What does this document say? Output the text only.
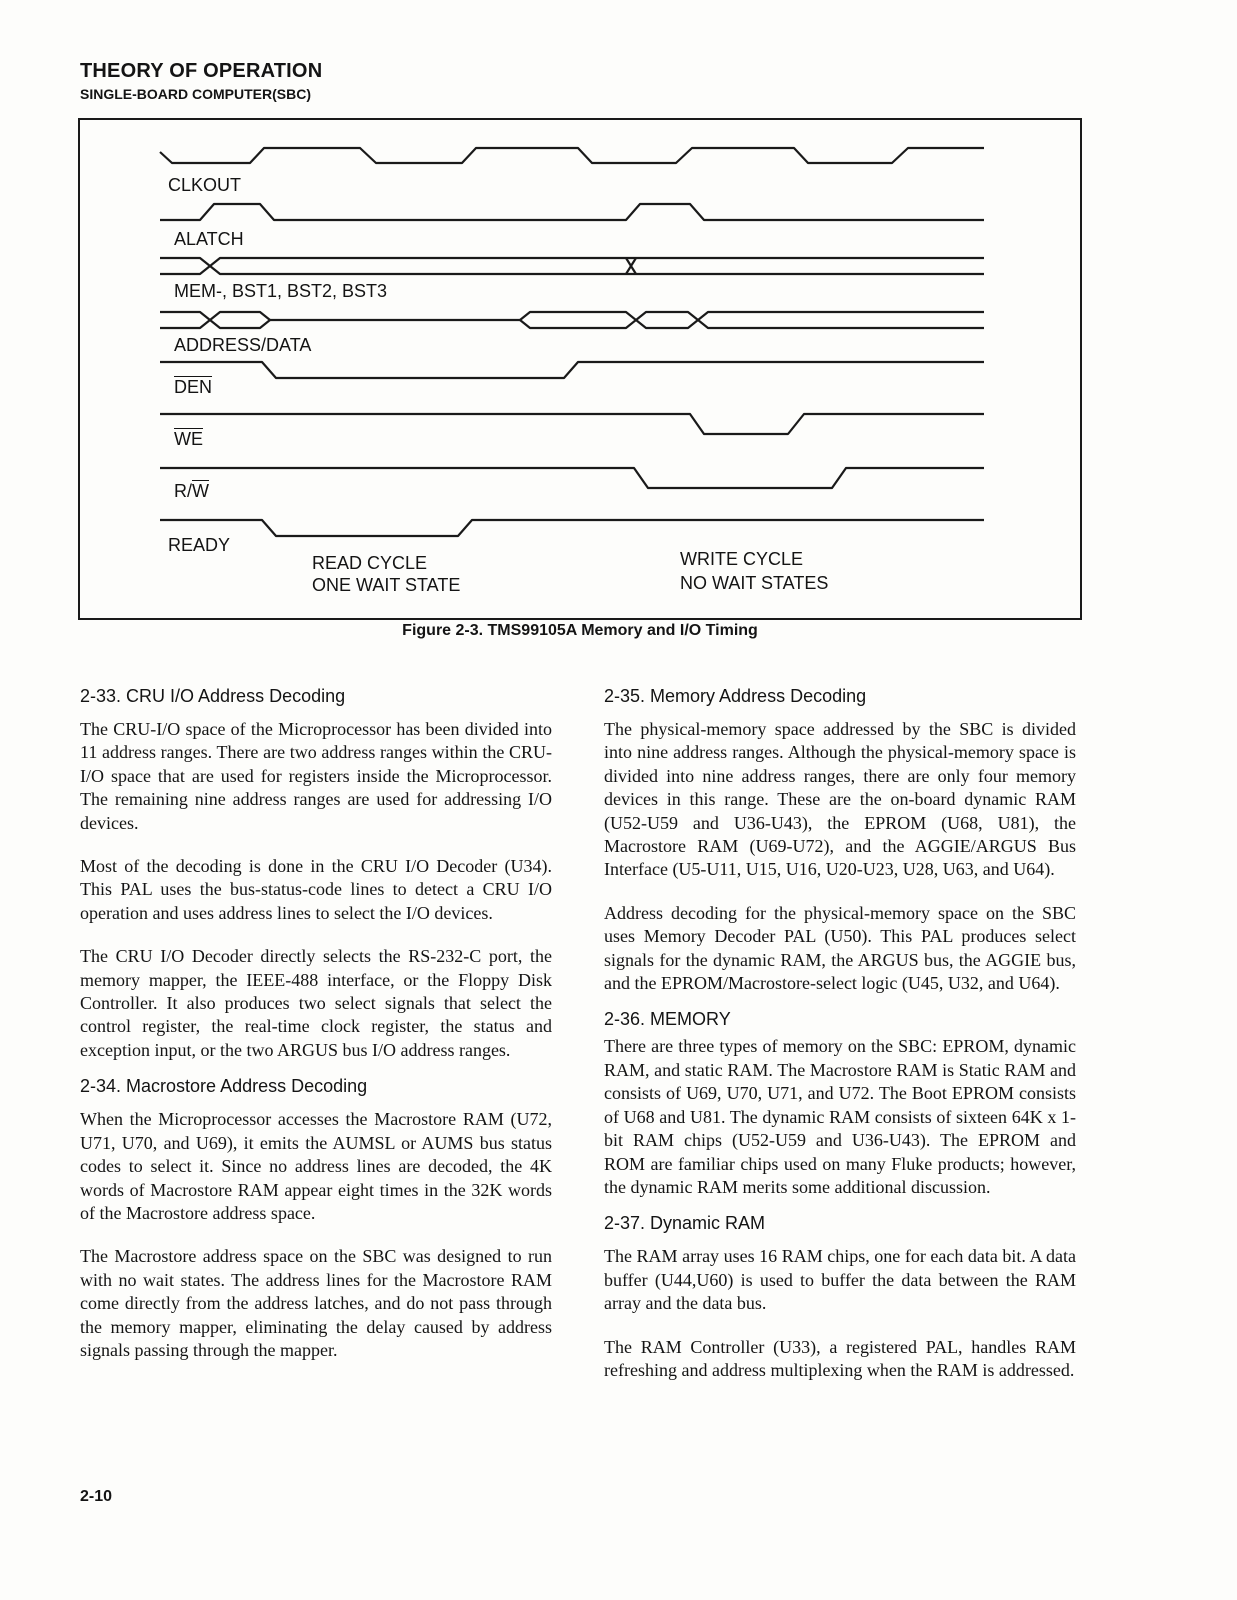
THEORY OF OPERATION
SINGLE-BOARD COMPUTER(SBC)
CLKOUT
ALATCH
MEM-, BST1, BST2, BST3
ADDRESS/DATA
$\overline{DEN}$
$\overline{WE}$
$R/\overline{W}$
READY
READ CYCLE
ONE WAIT STATE
WRITE CYCLE
NO WAIT STATES
Figure 2-3. TMS99105A Memory and I/O Timing
2-33. CRU I/O Address Decoding

The CRU-I/O space of the Microprocessor has been divided into 11 address ranges. There are two address ranges within the CRU-I/O space that are used for registers inside the Microprocessor. The remaining nine address ranges are used for addressing I/O devices.

Most of the decoding is done in the CRU I/O Decoder (U34). This PAL uses the bus-status-code lines to detect a CRU I/O operation and uses address lines to select the I/O devices.

The CRU I/O Decoder directly selects the RS-232-C port, the memory mapper, the IEEE-488 interface, or the Floppy Disk Controller. It also produces two select signals that select the control register, the real-time clock register, the status and exception input, or the two ARGUS bus I/O address ranges.

2-34. Macrostore Address Decoding

When the Microprocessor accesses the Macrostore RAM (U72, U71, U70, and U69), it emits the AUMSL or AUMS bus status codes to select it. Since no address lines are decoded, the 4K words of Macrostore RAM appear eight times in the 32K words of the Macrostore address space.

The Macrostore address space on the SBC was designed to run with no wait states. The address lines for the Macrostore RAM come directly from the address latches, and do not pass through the memory mapper, eliminating the delay caused by address signals passing through the mapper.

2-35. Memory Address Decoding

The physical-memory space addressed by the SBC is divided into nine address ranges. Although the physical-memory space is divided into nine address ranges, there are only four memory devices in this range. These are the on-board dynamic RAM (U52-U59 and U36-U43), the EPROM (U68, U81), the Macrostore RAM (U69-U72), and the AGGIE/ARGUS Bus Interface (U5-U11, U15, U16, U20-U23, U28, U63, and U64).

Address decoding for the physical-memory space on the SBC uses Memory Decoder PAL (U50). This PAL produces select signals for the dynamic RAM, the ARGUS bus, the AGGIE bus, and the EPROM/Macrostore-select logic (U45, U32, and U64).

2-36. MEMORY

There are three types of memory on the SBC: EPROM, dynamic RAM, and static RAM. The Macrostore RAM is Static RAM and consists of U69, U70, U71, and U72. The Boot EPROM consists of U68 and U81. The dynamic RAM consists of sixteen 64K x 1-bit RAM chips (U52-U59 and U36-U43). The EPROM and ROM are familiar chips used on many Fluke products; however, the dynamic RAM merits some additional discussion.

2-37. Dynamic RAM

The RAM array uses 16 RAM chips, one for each data bit. A data buffer (U44,U60) is used to buffer the data between the RAM array and the data bus.

The RAM Controller (U33), a registered PAL, handles RAM refreshing and address multiplexing when the RAM is addressed.

2-10
